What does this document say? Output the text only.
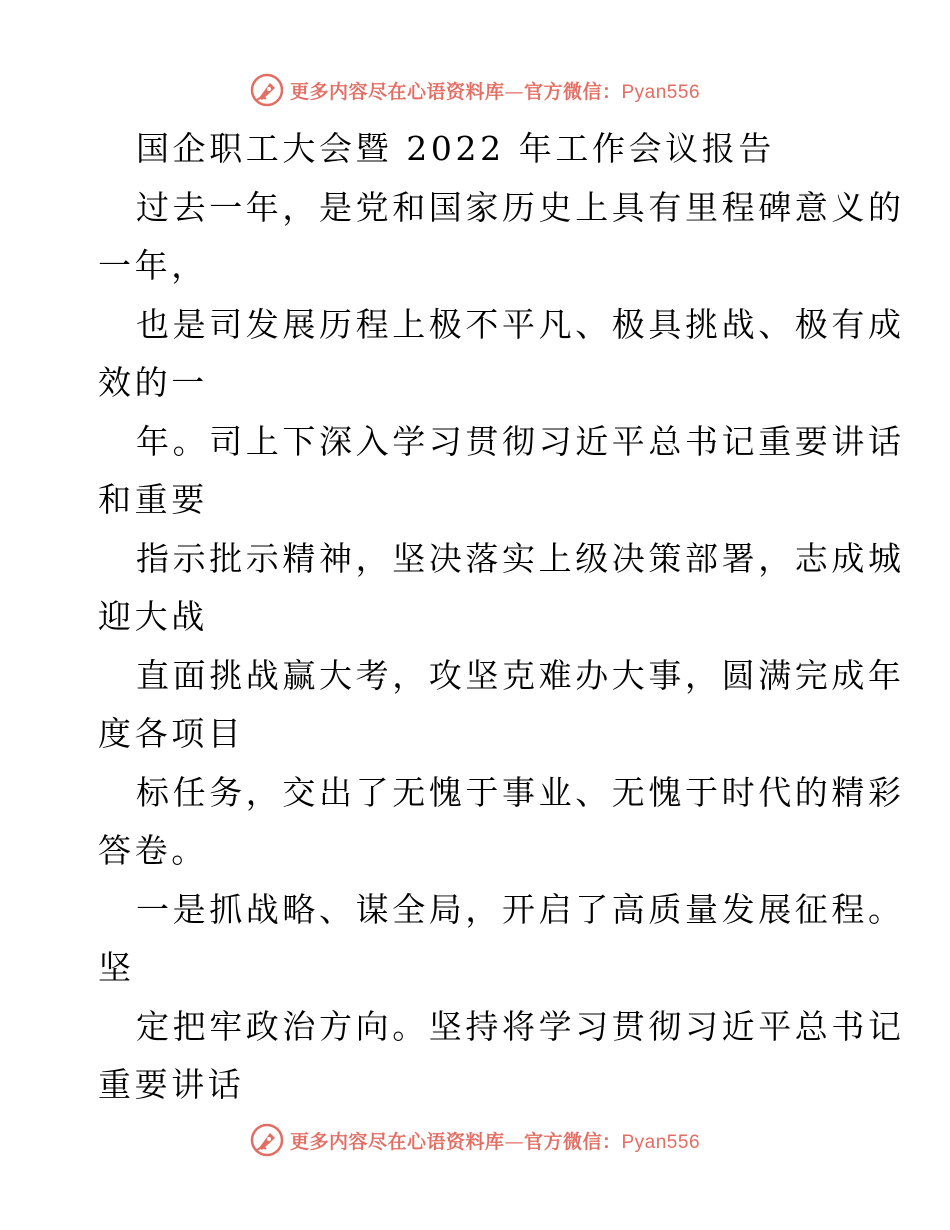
更多内容尽在心语资料库—官方微信：Pyan556
国企职工大会暨 2022 年工作会议报告
过去一年，是党和国家历史上具有里程碑意义的
一年，
也是司发展历程上极不平凡、极具挑战、极有成
效的一
年。司上下深入学习贯彻习近平总书记重要讲话
和重要
指示批示精神，坚决落实上级决策部署，志成城
迎大战
直面挑战赢大考，攻坚克难办大事，圆满完成年
度各项目
标任务，交出了无愧于事业、无愧于时代的精彩
答卷。
一是抓战略、谋全局，开启了高质量发展征程。
坚
定把牢政治方向。坚持将学习贯彻习近平总书记
重要讲话
更多内容尽在心语资料库—官方微信：Pyan556
